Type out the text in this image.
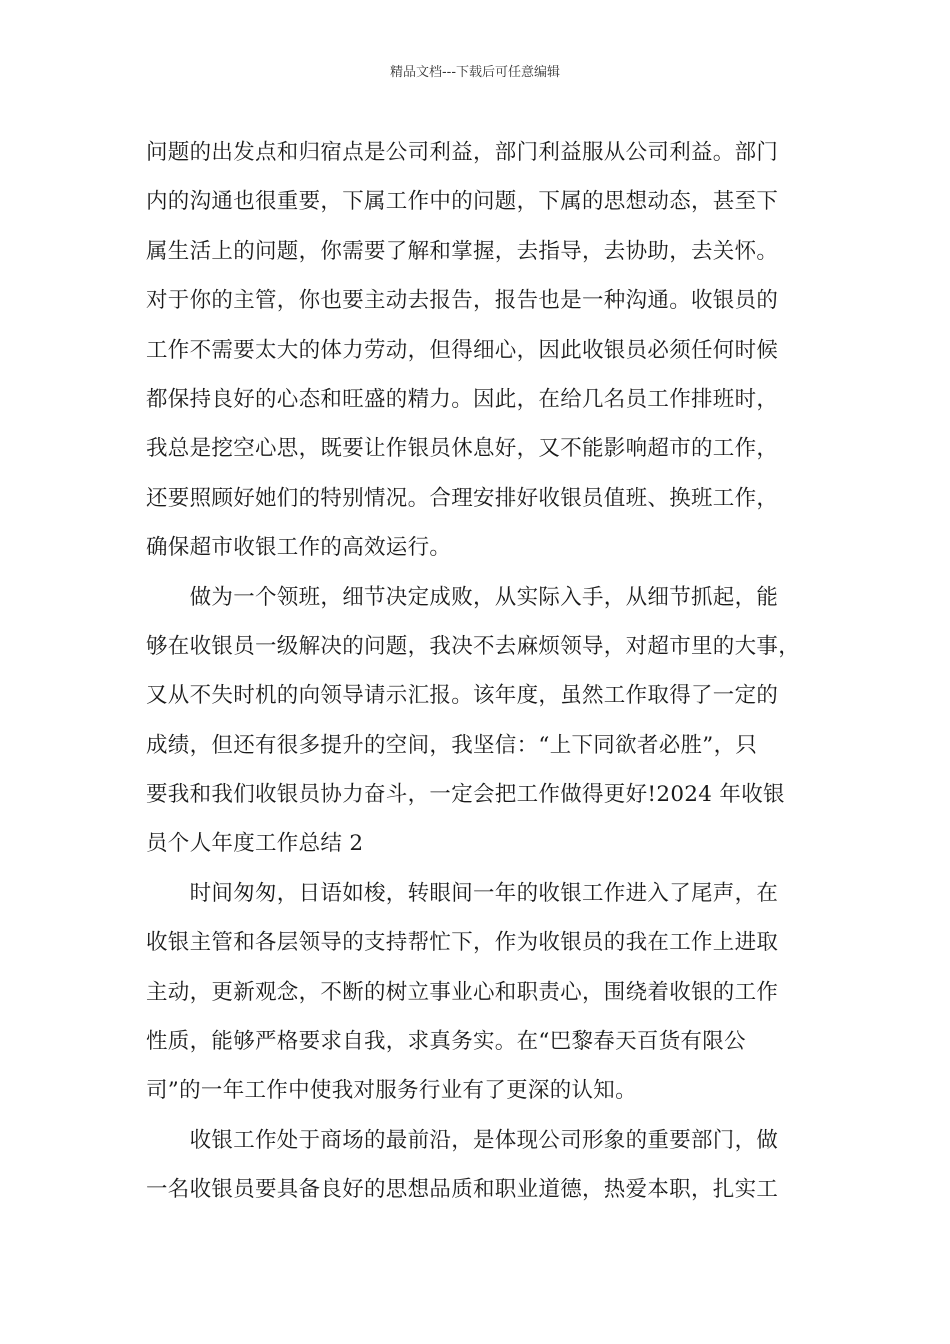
精品文档---下载后可任意编辑
问题的出发点和归宿点是公司利益，部门利益服从公司利益。部门
内的沟通也很重要，下属工作中的问题，下属的思想动态，甚至下
属生活上的问题，你需要了解和掌握，去指导，去协助，去关怀。
对于你的主管，你也要主动去报告，报告也是一种沟通。收银员的
工作不需要太大的体力劳动，但得细心，因此收银员必须任何时候
都保持良好的心态和旺盛的精力。因此，在给几名员工作排班时，
我总是挖空心思，既要让作银员休息好，又不能影响超市的工作，
还要照顾好她们的特别情况。合理安排好收银员值班、换班工作，
确保超市收银工作的高效运行。
　　做为一个领班，细节决定成败，从实际入手，从细节抓起，能
够在收银员一级解决的问题，我决不去麻烦领导，对超市里的大事，
又从不失时机的向领导请示汇报。该年度，虽然工作取得了一定的
成绩，但还有很多提升的空间，我坚信：“上下同欲者必胜”，只
要我和我们收银员协力奋斗，一定会把工作做得更好!2024 年收银
员个人年度工作总结 2
　　时间匆匆，日语如梭，转眼间一年的收银工作进入了尾声，在
收银主管和各层领导的支持帮忙下，作为收银员的我在工作上进取
主动，更新观念，不断的树立事业心和职责心，围绕着收银的工作
性质，能够严格要求自我，求真务实。在“巴黎春天百货有限公
司”的一年工作中使我对服务行业有了更深的认知。
　　收银工作处于商场的最前沿，是体现公司形象的重要部门，做
一名收银员要具备良好的思想品质和职业道德，热爱本职，扎实工
